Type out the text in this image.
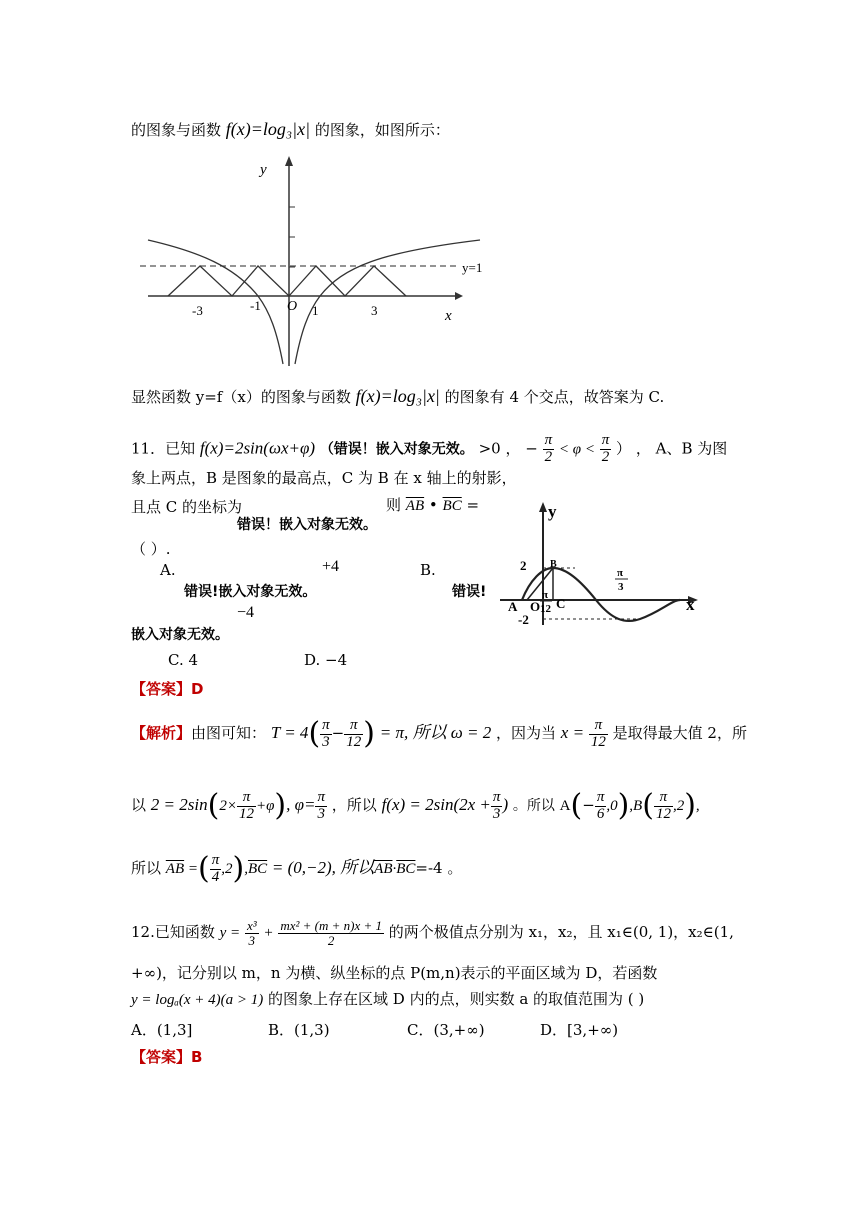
的图象与函数 f(x)=log₃|x| 的图象，如图所示：
y
x
O
y=1
-3	-1	1	3
显然函数 y=f（x）的图象与函数 f(x)=log₃|x| 的图象有 4 个交点，故答案为 C.
11．已知 f(x)=2sin(ωx+φ) （错误！嵌入对象无效。 >0 ， − $\frac{\pi}{2} < \varphi < \frac{\pi}{2}$ ） ， A、B 为图
象上两点，B 是图象的最高点，C 为 B 在 x 轴上的射影，
且点 C 的坐标为	则 $\overline{AB}$ • $\overline{BC}$ =
错误！嵌入对象无效。
（ ）.
A.	+4
错误!嵌入对象无效。
B.
错误!
−4
嵌入对象无效。
C. 4	D. −4
y
x
2
-2
A O
B
C
π
12
π
3
【答案】D
【解析】由图可知： $T = 4( \frac{\pi}{3} - \frac{\pi}{12}$ ) = π, 所以 ω = 2 ，因为当 $x = \frac{\pi}{12}$ 是取得最大值 2，所
以 $2 = 2\sin(2\times \frac{\pi}{12} +\varphi)$, $\varphi= \frac{\pi}{3}$ ，所以 $f(x) = 2\sin(2x + \frac{\pi}{3}$ ) 。所以 $A(- \frac{\pi}{6} ,0),B( \frac{\pi}{12} ,2)$,
所以 $\overline{AB}$ =( $\frac{\pi}{4} ,2),\overline{BC} = (0,-2)$, 所以$\overline{AB}\cdot\overline{BC}=-4$ 。
12.已知函数 $y = \frac{\text{x³}}{3} + \frac{\text{mx² + (m + n)x + 1}}{2}$ 的两个极值点分别为 x₁，x₂，且 x₁∈(0, 1)，x₂∈(1,
+∞)，记分别以 m，n 为横、纵坐标的点 P(m,n)表示的平面区域为 D，若函数
y = logₐ(x + 4)(a > 1) 的图象上存在区域 D 内的点，则实数 a 的取值范围为 ( )
A．(1,3]	B．(1,3)	C．(3,+∞)	D．[3,+∞)
【答案】B
